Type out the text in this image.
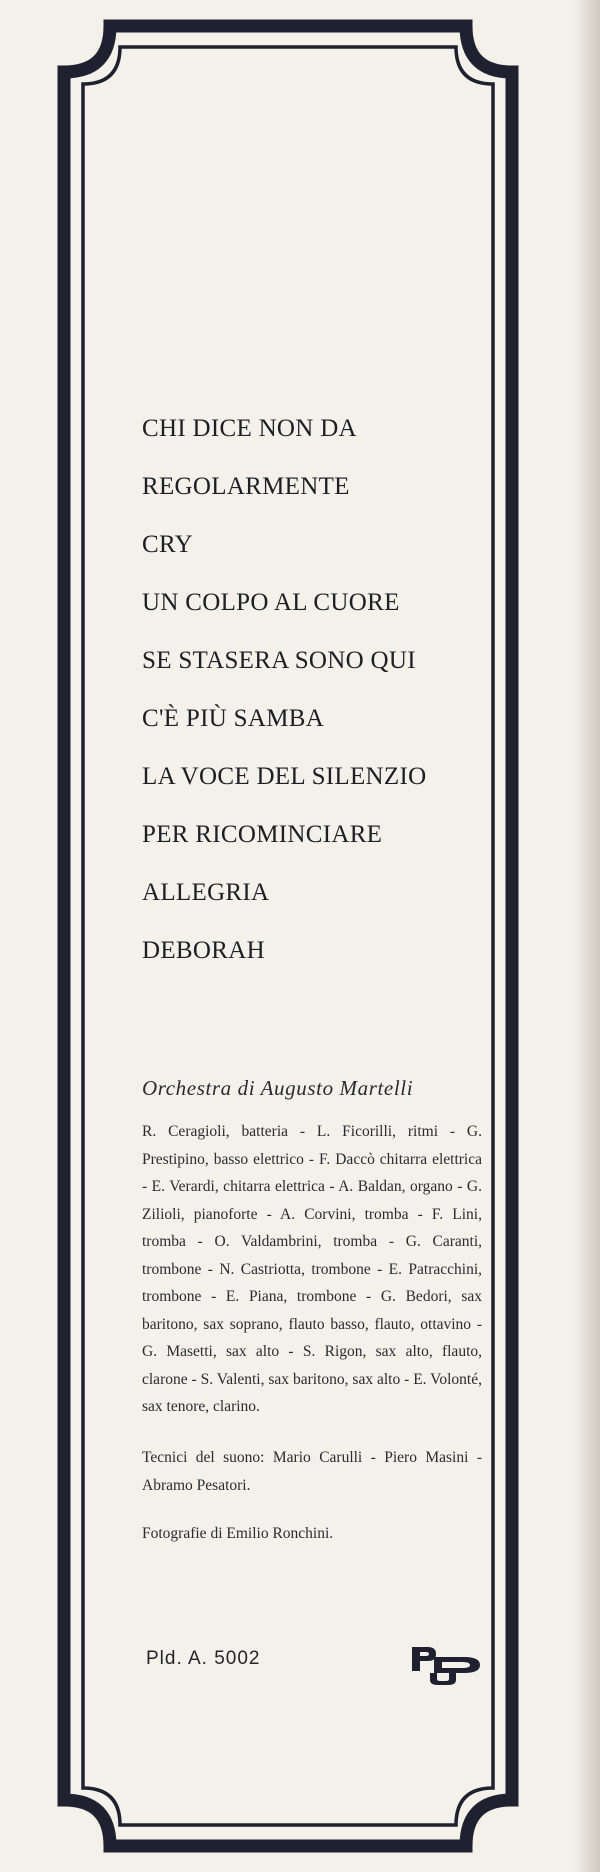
CHI DICE NON DA
REGOLARMENTE
CRY
UN COLPO AL CUORE
SE STASERA SONO QUI
C'È PIÙ SAMBA
LA VOCE DEL SILENZIO
PER RICOMINCIARE
ALLEGRIA
DEBORAH
Orchestra di Augusto Martelli

R. Ceragioli, batteria - L. Ficorilli, ritmi - G. Prestipino, basso elettrico - F. Daccò chitarra elettrica - E. Verardi, chitarra elettrica - A. Baldan, organo - G. Zilioli, pianoforte - A. Corvini, tromba - F. Lini, tromba - O. Valdambrini, tromba - G. Caranti, trombone - N. Castriotta, trombone - E. Patracchini, trombone - E. Piana, trombone - G. Bedori, sax baritono, sax soprano, flauto basso, flauto, ottavino - G. Masetti, sax alto - S. Rigon, sax alto, flauto, clarone - S. Valenti, sax baritono, sax alto - E. Volonté, sax tenore, clarino.

Tecnici del suono: Mario Carulli - Piero Masini - Abramo Pesatori.

Fotografie di Emilio Ronchini.

Pld. A. 5002
